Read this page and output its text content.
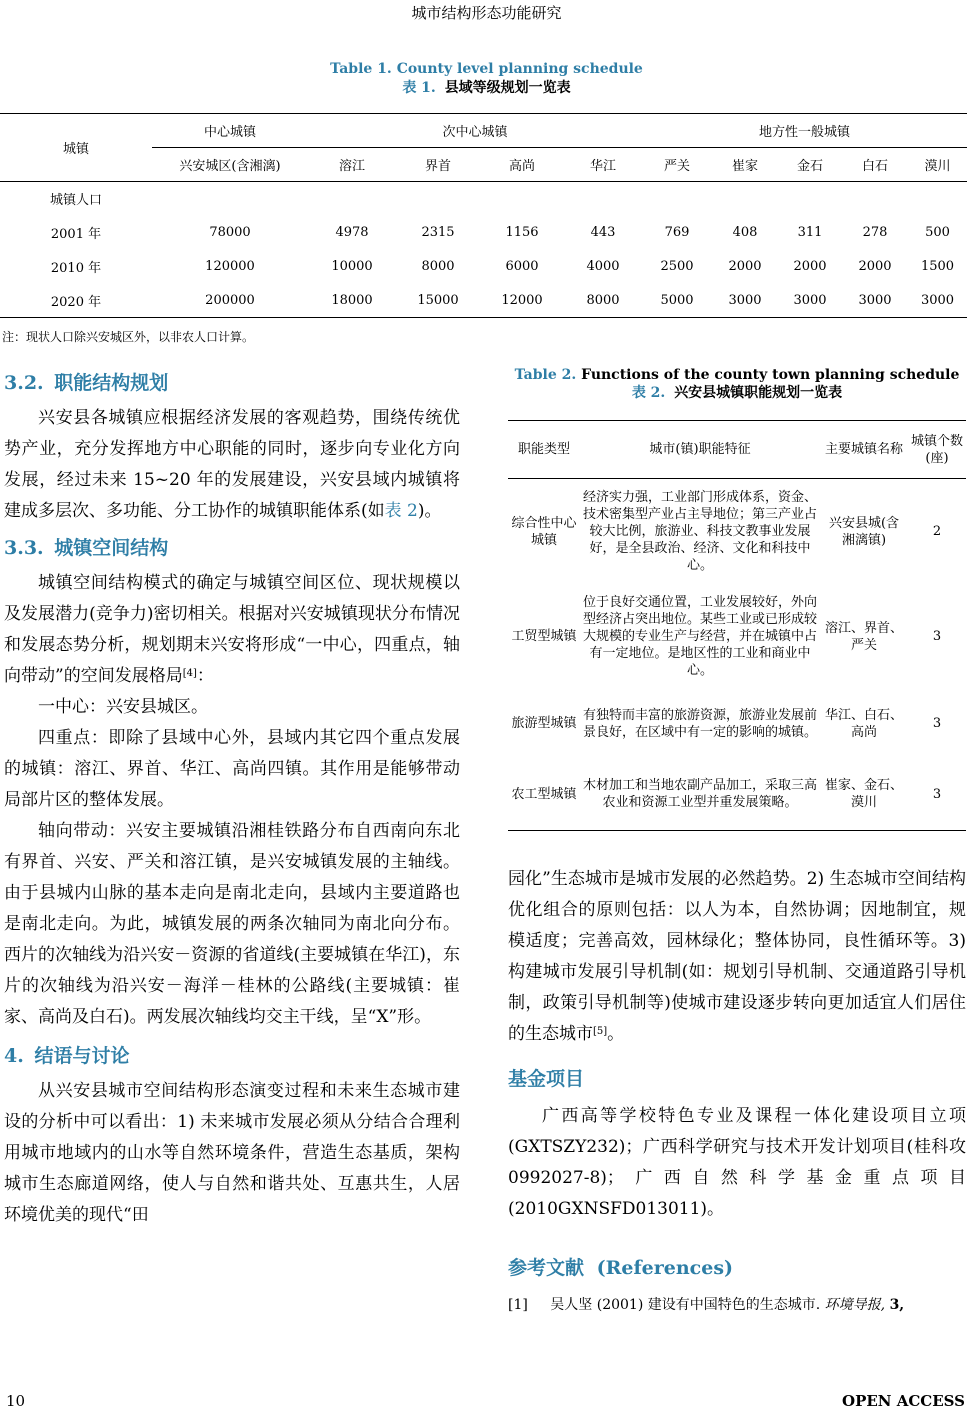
城市结构形态功能研究
Table 1. County level planning schedule
表 1. 县域等级规划一览表
城镇	中心城镇	次中心城镇				地方性一般城镇				
	兴安城区(含湘漓)	溶江	界首	高尚	华江	严关	崔家	金石	白石	漠川
城镇人口										
2001 年	78000	4978	2315	1156	443	769	408	311	278	500
2010 年	120000	10000	8000	6000	4000	2500	2000	2000	2000	1500
2020 年	200000	18000	15000	12000	8000	5000	3000	3000	3000	3000
注：现状人口除兴安城区外，以非农人口计算。
3.2. 职能结构规划

兴安县各城镇应根据经济发展的客观趋势，围绕传统优势产业，充分发挥地方中心职能的同时，逐步向专业化方向发展，经过未来 15~20 年的发展建设，兴安县域内城镇将建成多层次、多功能、分工协作的城镇职能体系(如表 2)。

3.3. 城镇空间结构

城镇空间结构模式的确定与城镇空间区位、现状规模以及发展潜力(竞争力)密切相关。根据对兴安城镇现状分布情况和发展态势分析，规划期末兴安将形成“一中心，四重点，轴向带动”的空间发展格局[4]：

一中心：兴安县城区。

四重点：即除了县域中心外，县域内其它四个重点发展的城镇：溶江、界首、华江、高尚四镇。其作用是能够带动局部片区的整体发展。

轴向带动：兴安主要城镇沿湘桂铁路分布自西南向东北有界首、兴安、严关和溶江镇，是兴安城镇发展的主轴线。由于县城内山脉的基本走向是南北走向，县域内主要道路也是南北走向。为此，城镇发展的两条次轴同为南北向分布。西片的次轴线为沿兴安－资源的省道线(主要城镇在华江)，东片的次轴线为沿兴安－海洋－桂林的公路线(主要城镇：崔家、高尚及白石)。两发展次轴线均交主干线，呈“X”形。

4. 结语与讨论

从兴安县城市空间结构形态演变过程和未来生态城市建设的分析中可以看出：1) 未来城市发展必须从分结合合理利用城市地域内的山水等自然环境条件，营造生态基质，架构城市生态廊道网络，使人与自然和谐共处、互惠共生，人居环境优美的现代“田

Table 2. Functions of the county town planning schedule
表 2. 兴安县城镇职能规划一览表
职能类型	城市(镇)职能特征	主要城镇名称	城镇个数(座)
综合性中心城镇	经济实力强，工业部门形成体系，资金、技术密集型产业占主导地位；第三产业占较大比例，旅游业、科技文教事业发展好，是全县政治、经济、文化和科技中心。	兴安县城(含湘漓镇)	2
工贸型城镇	位于良好交通位置，工业发展较好，外向型经济占突出地位。某些工业或已形成较大规模的专业生产与经营，并在城镇中占有一定地位。是地区性的工业和商业中心。	溶江、界首、严关	3
旅游型城镇	有独特而丰富的旅游资源，旅游业发展前景良好，在区域中有一定的影响的城镇。	华江、白石、高尚	3
农工型城镇	木材加工和当地农副产品加工，采取三高农业和资源工业型并重发展策略。	崔家、金石、漠川	3

园化”生态城市是城市发展的必然趋势。2) 生态城市空间结构优化组合的原则包括：以人为本，自然协调；因地制宜，规模适度；完善高效，园林绿化；整体协同，良性循环等。3) 构建城市发展引导机制(如：规划引导机制、交通道路引导机制，政策引导机制等)使城市建设逐步转向更加适宜人们居住的生态城市[5]。

基金项目

广西高等学校特色专业及课程一体化建设项目立项(GXTSZY232)；广西科学研究与技术开发计划项目(桂科攻 0992027-8)；广西自然科学基金重点项目(2010GXNSFD013011)。

参考文献 (References)
[1] 吴人坚 (2001) 建设有中国特色的生态城市. 环境导报, 3,
10	OPEN ACCESS
